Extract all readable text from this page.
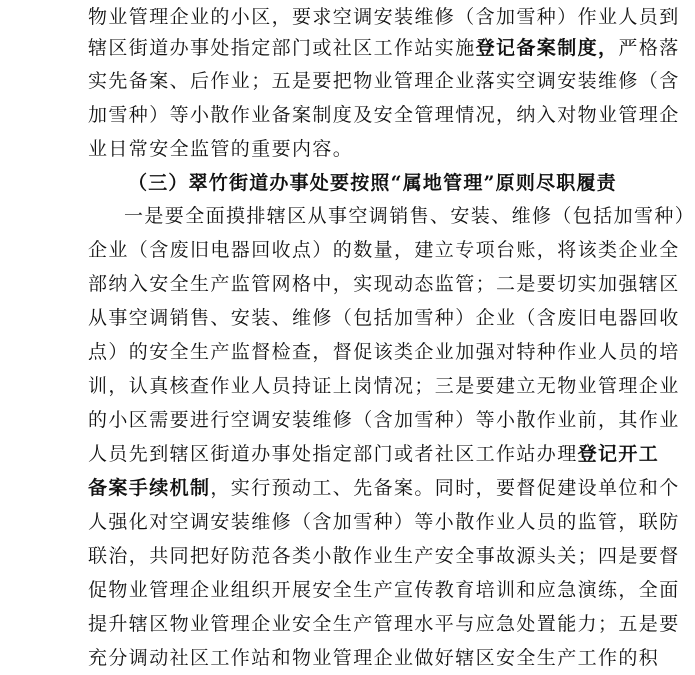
物业管理企业的小区，要求空调安装维修（含加雪种）作业人员到
辖区街道办事处指定部门或社区工作站实施登记备案制度，严格落
实先备案、后作业；五是要把物业管理企业落实空调安装维修（含
加雪种）等小散作业备案制度及安全管理情况，纳入对物业管理企
业日常安全监管的重要内容。
（三）翠竹街道办事处要按照“属地管理”原则尽职履责
一是要全面摸排辖区从事空调销售、安装、维修（包括加雪种）
企业（含废旧电器回收点）的数量，建立专项台账，将该类企业全
部纳入安全生产监管网格中，实现动态监管；二是要切实加强辖区
从事空调销售、安装、维修（包括加雪种）企业（含废旧电器回收
点）的安全生产监督检查，督促该类企业加强对特种作业人员的培
训，认真核查作业人员持证上岗情况；三是要建立无物业管理企业
的小区需要进行空调安装维修（含加雪种）等小散作业前，其作业
人员先到辖区街道办事处指定部门或者社区工作站办理登记开工
备案手续机制，实行预动工、先备案。同时，要督促建设单位和个
人强化对空调安装维修（含加雪种）等小散作业人员的监管，联防
联治，共同把好防范各类小散作业生产安全事故源头关；四是要督
促物业管理企业组织开展安全生产宣传教育培训和应急演练，全面
提升辖区物业管理企业安全生产管理水平与应急处置能力；五是要
充分调动社区工作站和物业管理企业做好辖区安全生产工作的积
